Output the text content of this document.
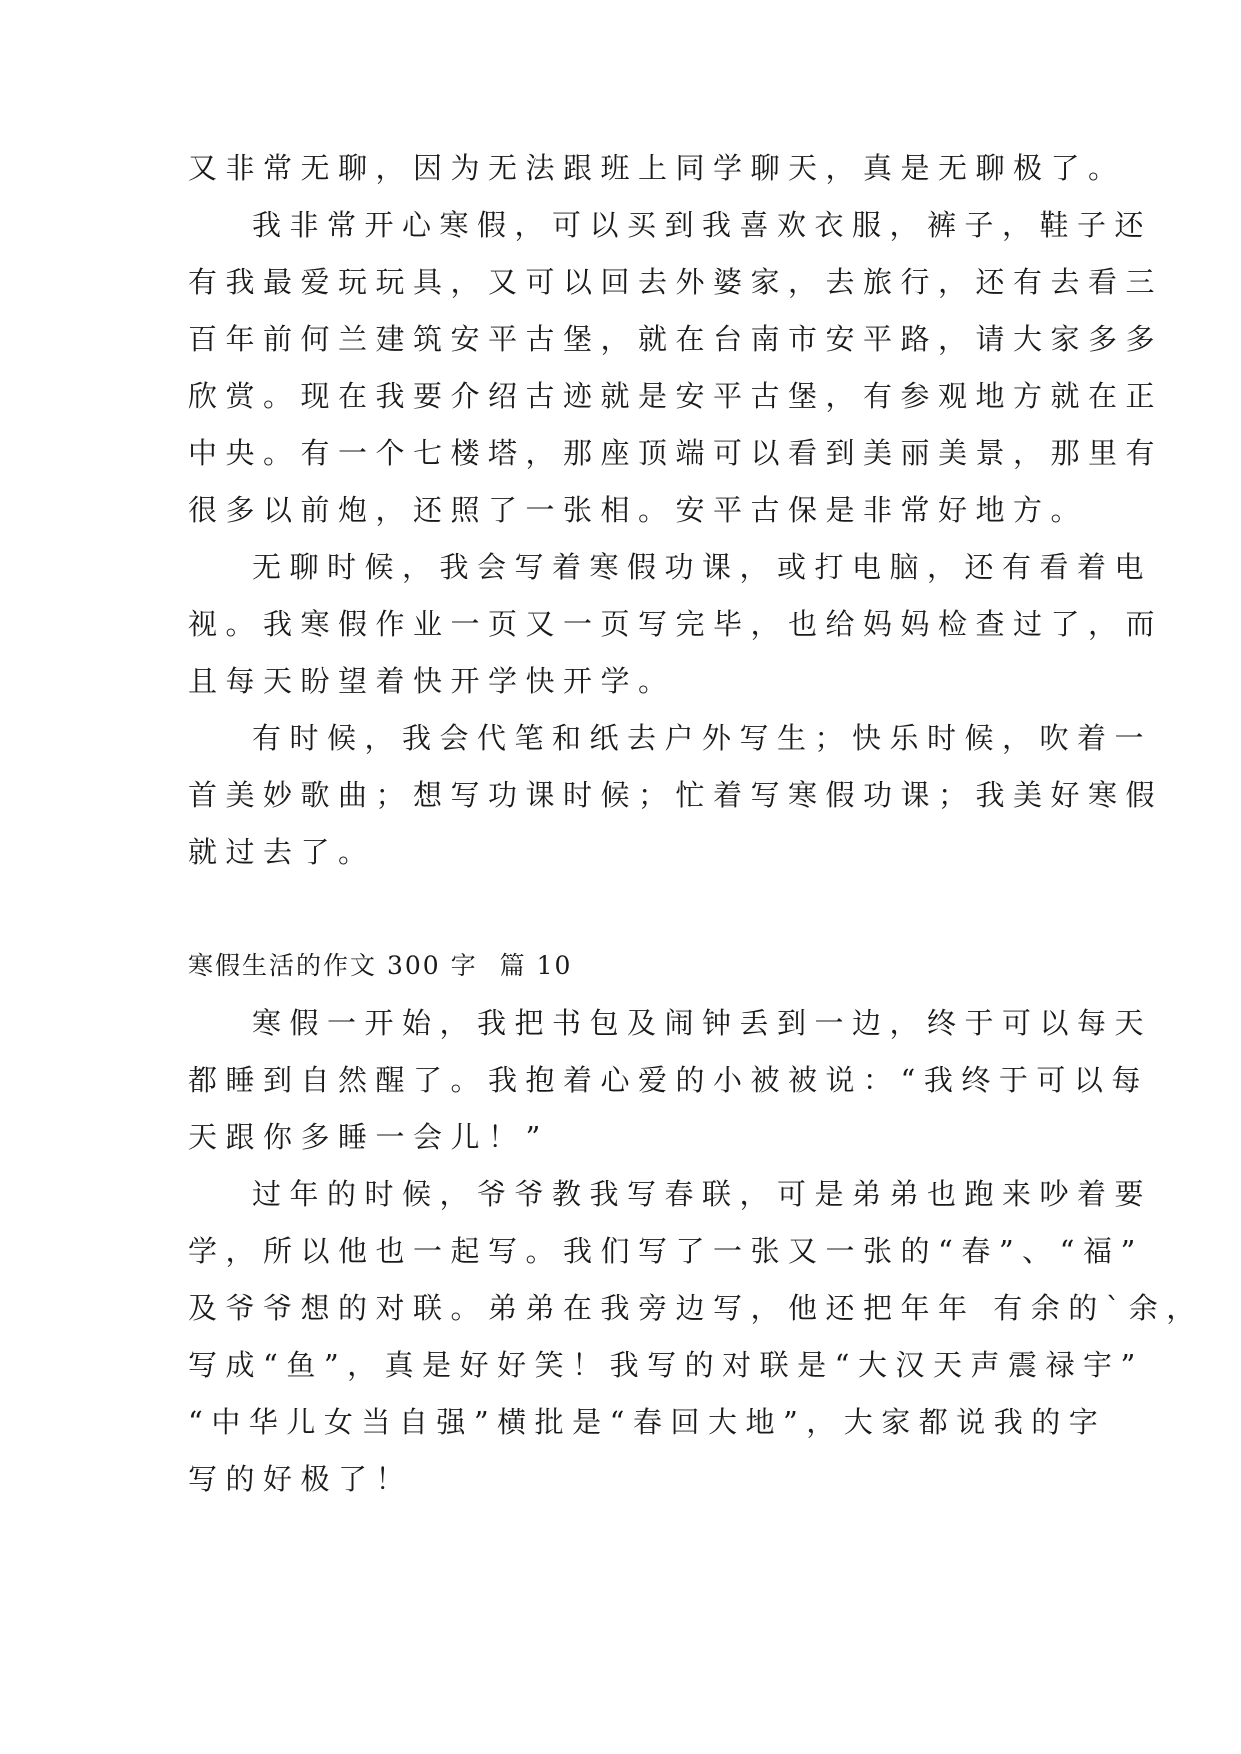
又非常无聊，因为无法跟班上同学聊天，真是无聊极了。
我非常开心寒假，可以买到我喜欢衣服，裤子，鞋子还
有我最爱玩玩具，又可以回去外婆家，去旅行，还有去看三
百年前何兰建筑安平古堡，就在台南市安平路，请大家多多
欣赏。现在我要介绍古迹就是安平古堡，有参观地方就在正
中央。有一个七楼塔，那座顶端可以看到美丽美景，那里有
很多以前炮，还照了一张相。安平古保是非常好地方。
无聊时候，我会写着寒假功课，或打电脑，还有看着电
视。我寒假作业一页又一页写完毕，也给妈妈检查过了，而
且每天盼望着快开学快开学。
有时候，我会代笔和纸去户外写生；快乐时候，吹着一
首美妙歌曲；想写功课时候；忙着写寒假功课；我美好寒假
就过去了。
寒假生活的作文 300 字 篇 10
寒假一开始，我把书包及闹钟丢到一边，终于可以每天
都睡到自然醒了。我抱着心爱的小被被说：“我终于可以每
天跟你多睡一会儿！”
过年的时候，爷爷教我写春联，可是弟弟也跑来吵着要
学，所以他也一起写。我们写了一张又一张的“春”、“福”
及爷爷想的对联。弟弟在我旁边写，他还把年年 有余的`余，
写成“鱼”，真是好好笑！我写的对联是“大汉天声震禄宇”
“中华儿女当自强”横批是“春回大地”，大家都说我的字
写的好极了！
